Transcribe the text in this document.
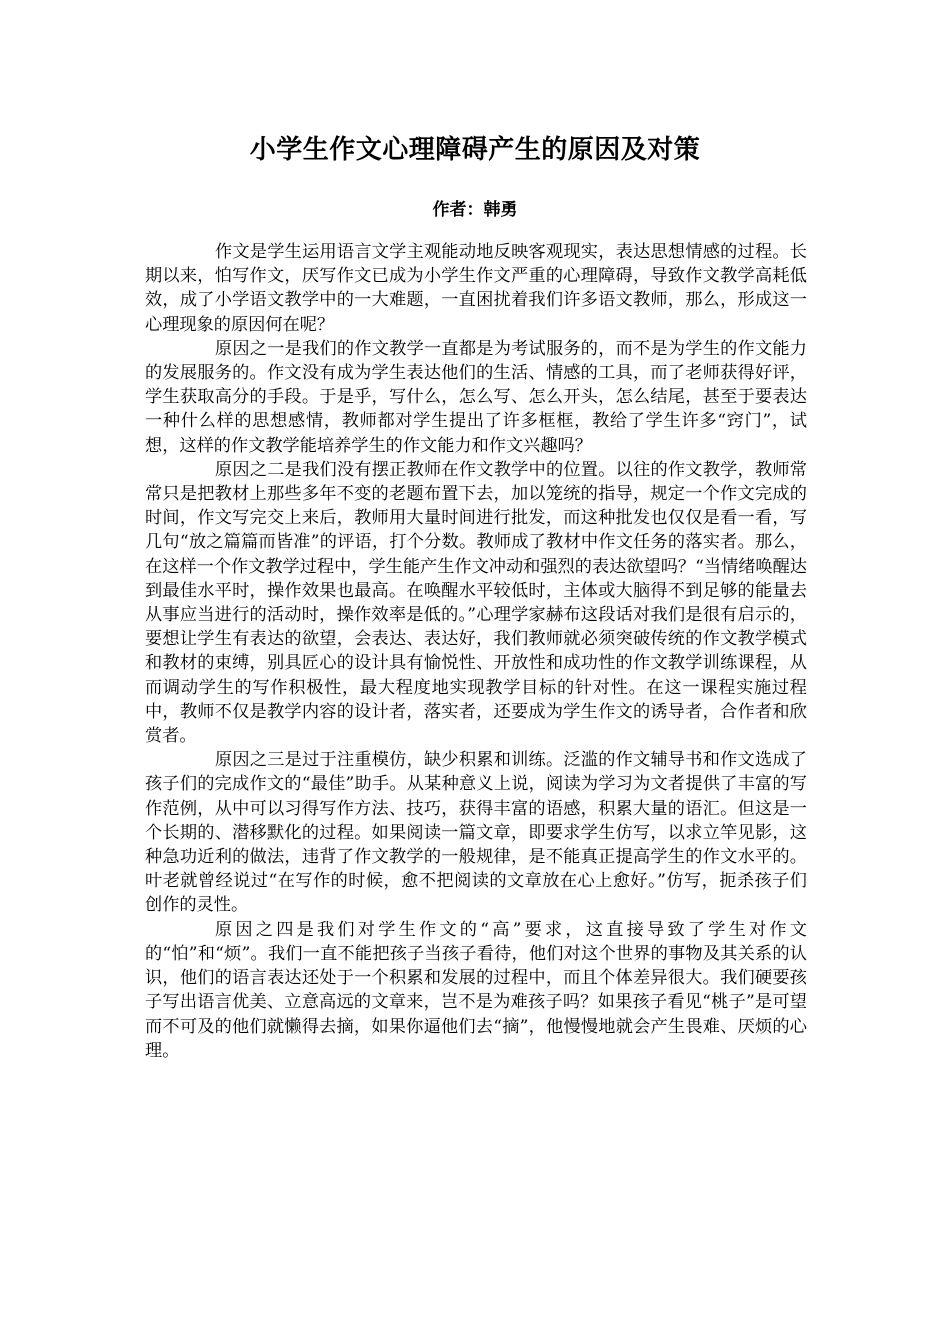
小学生作文心理障碍产生的原因及对策
作者：韩勇

作文是学生运用语言文学主观能动地反映客观现实，表达思想情感的过程。长期以来，怕写作文，厌写作文已成为小学生作文严重的心理障碍，导致作文教学高耗低效，成了小学语文教学中的一大难题，一直困扰着我们许多语文教师，那么，形成这一心理现象的原因何在呢？

原因之一是我们的作文教学一直都是为考试服务的，而不是为学生的作文能力的发展服务的。作文没有成为学生表达他们的生活、情感的工具，而了老师获得好评，学生获取高分的手段。于是乎，写什么，怎么写、怎么开头，怎么结尾，甚至于要表达一种什么样的思想感情，教师都对学生提出了许多框框，教给了学生许多“窍门”，试想，这样的作文教学能培养学生的作文能力和作文兴趣吗？

原因之二是我们没有摆正教师在作文教学中的位置。以往的作文教学，教师常常只是把教材上那些多年不变的老题布置下去，加以笼统的指导，规定一个作文完成的时间，作文写完交上来后，教师用大量时间进行批发，而这种批发也仅仅是看一看，写几句“放之篇篇而皆准”的评语，打个分数。教师成了教材中作文任务的落实者。那么，在这样一个作文教学过程中，学生能产生作文冲动和强烈的表达欲望吗？“当情绪唤醒达到最佳水平时，操作效果也最高。在唤醒水平较低时，主体或大脑得不到足够的能量去从事应当进行的活动时，操作效率是低的。”心理学家赫布这段话对我们是很有启示的，要想让学生有表达的欲望，会表达、表达好，我们教师就必须突破传统的作文教学模式和教材的束缚，别具匠心的设计具有愉悦性、开放性和成功性的作文教学训练课程，从而调动学生的写作积极性，最大程度地实现教学目标的针对性。在这一课程实施过程中，教师不仅是教学内容的设计者，落实者，还要成为学生作文的诱导者，合作者和欣赏者。

原因之三是过于注重模仿，缺少积累和训练。泛滥的作文辅导书和作文选成了孩子们的完成作文的“最佳”助手。从某种意义上说，阅读为学习为文者提供了丰富的写作范例，从中可以习得写作方法、技巧，获得丰富的语感，积累大量的语汇。但这是一个长期的、潜移默化的过程。如果阅读一篇文章，即要求学生仿写，以求立竿见影，这种急功近利的做法，违背了作文教学的一般规律，是不能真正提高学生的作文水平的。叶老就曾经说过“在写作的时候，愈不把阅读的文章放在心上愈好。”仿写，扼杀孩子们创作的灵性。

原因之四是我们对学生作文的“高”要求，这直接导致了学生对作文的“怕”和“烦”。我们一直不能把孩子当孩子看待，他们对这个世界的事物及其关系的认识，他们的语言表达还处于一个积累和发展的过程中，而且个体差异很大。我们硬要孩子写出语言优美、立意高远的文章来，岂不是为难孩子吗？如果孩子看见“桃子”是可望而不可及的他们就懒得去摘，如果你逼他们去“摘”，他慢慢地就会产生畏难、厌烦的心理。
